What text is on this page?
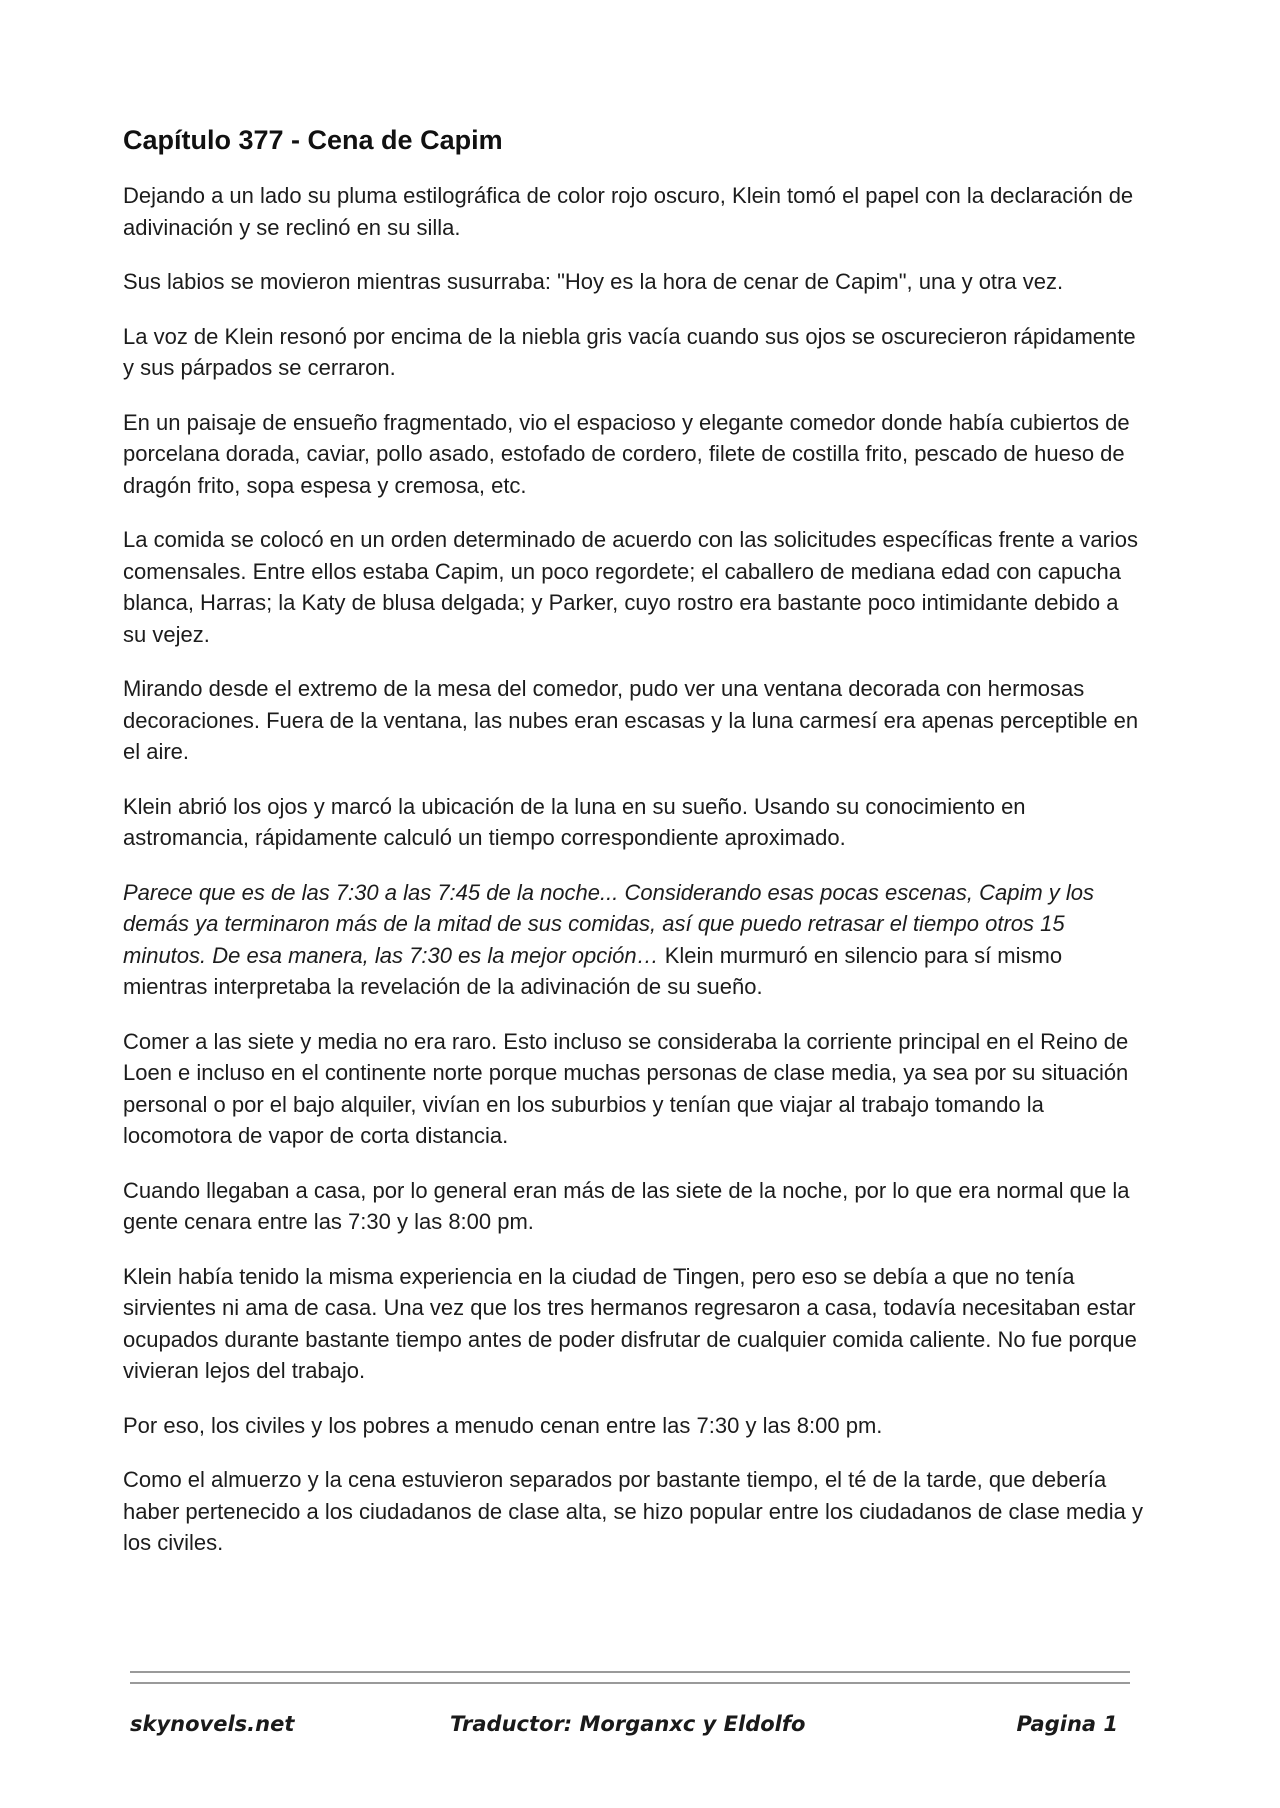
Capítulo 377 - Cena de Capim

Dejando a un lado su pluma estilográfica de color rojo oscuro, Klein tomó el papel con la declaración de adivinación y se reclinó en su silla.

Sus labios se movieron mientras susurraba: "Hoy es la hora de cenar de Capim", una y otra vez.

La voz de Klein resonó por encima de la niebla gris vacía cuando sus ojos se oscurecieron rápidamente y sus párpados se cerraron.

En un paisaje de ensueño fragmentado, vio el espacioso y elegante comedor donde había cubiertos de porcelana dorada, caviar, pollo asado, estofado de cordero, filete de costilla frito, pescado de hueso de dragón frito, sopa espesa y cremosa, etc.

La comida se colocó en un orden determinado de acuerdo con las solicitudes específicas frente a varios comensales. Entre ellos estaba Capim, un poco regordete; el caballero de mediana edad con capucha blanca, Harras; la Katy de blusa delgada; y Parker, cuyo rostro era bastante poco intimidante debido a su vejez.

Mirando desde el extremo de la mesa del comedor, pudo ver una ventana decorada con hermosas decoraciones. Fuera de la ventana, las nubes eran escasas y la luna carmesí era apenas perceptible en el aire.

Klein abrió los ojos y marcó la ubicación de la luna en su sueño. Usando su conocimiento en astromancia, rápidamente calculó un tiempo correspondiente aproximado.

Parece que es de las 7:30 a las 7:45 de la noche... Considerando esas pocas escenas, Capim y los demás ya terminaron más de la mitad de sus comidas, así que puedo retrasar el tiempo otros 15 minutos. De esa manera, las 7:30 es la mejor opción… Klein murmuró en silencio para sí mismo mientras interpretaba la revelación de la adivinación de su sueño.

Comer a las siete y media no era raro. Esto incluso se consideraba la corriente principal en el Reino de Loen e incluso en el continente norte porque muchas personas de clase media, ya sea por su situación personal o por el bajo alquiler, vivían en los suburbios y tenían que viajar al trabajo tomando la locomotora de vapor de corta distancia.

Cuando llegaban a casa, por lo general eran más de las siete de la noche, por lo que era normal que la gente cenara entre las 7:30 y las 8:00 pm.

Klein había tenido la misma experiencia en la ciudad de Tingen, pero eso se debía a que no tenía sirvientes ni ama de casa. Una vez que los tres hermanos regresaron a casa, todavía necesitaban estar ocupados durante bastante tiempo antes de poder disfrutar de cualquier comida caliente. No fue porque vivieran lejos del trabajo.

Por eso, los civiles y los pobres a menudo cenan entre las 7:30 y las 8:00 pm.

Como el almuerzo y la cena estuvieron separados por bastante tiempo, el té de la tarde, que debería haber pertenecido a los ciudadanos de clase alta, se hizo popular entre los ciudadanos de clase media y los civiles.

skynovels.net	Traductor: Morganxc y Eldolfo	Pagina 1
